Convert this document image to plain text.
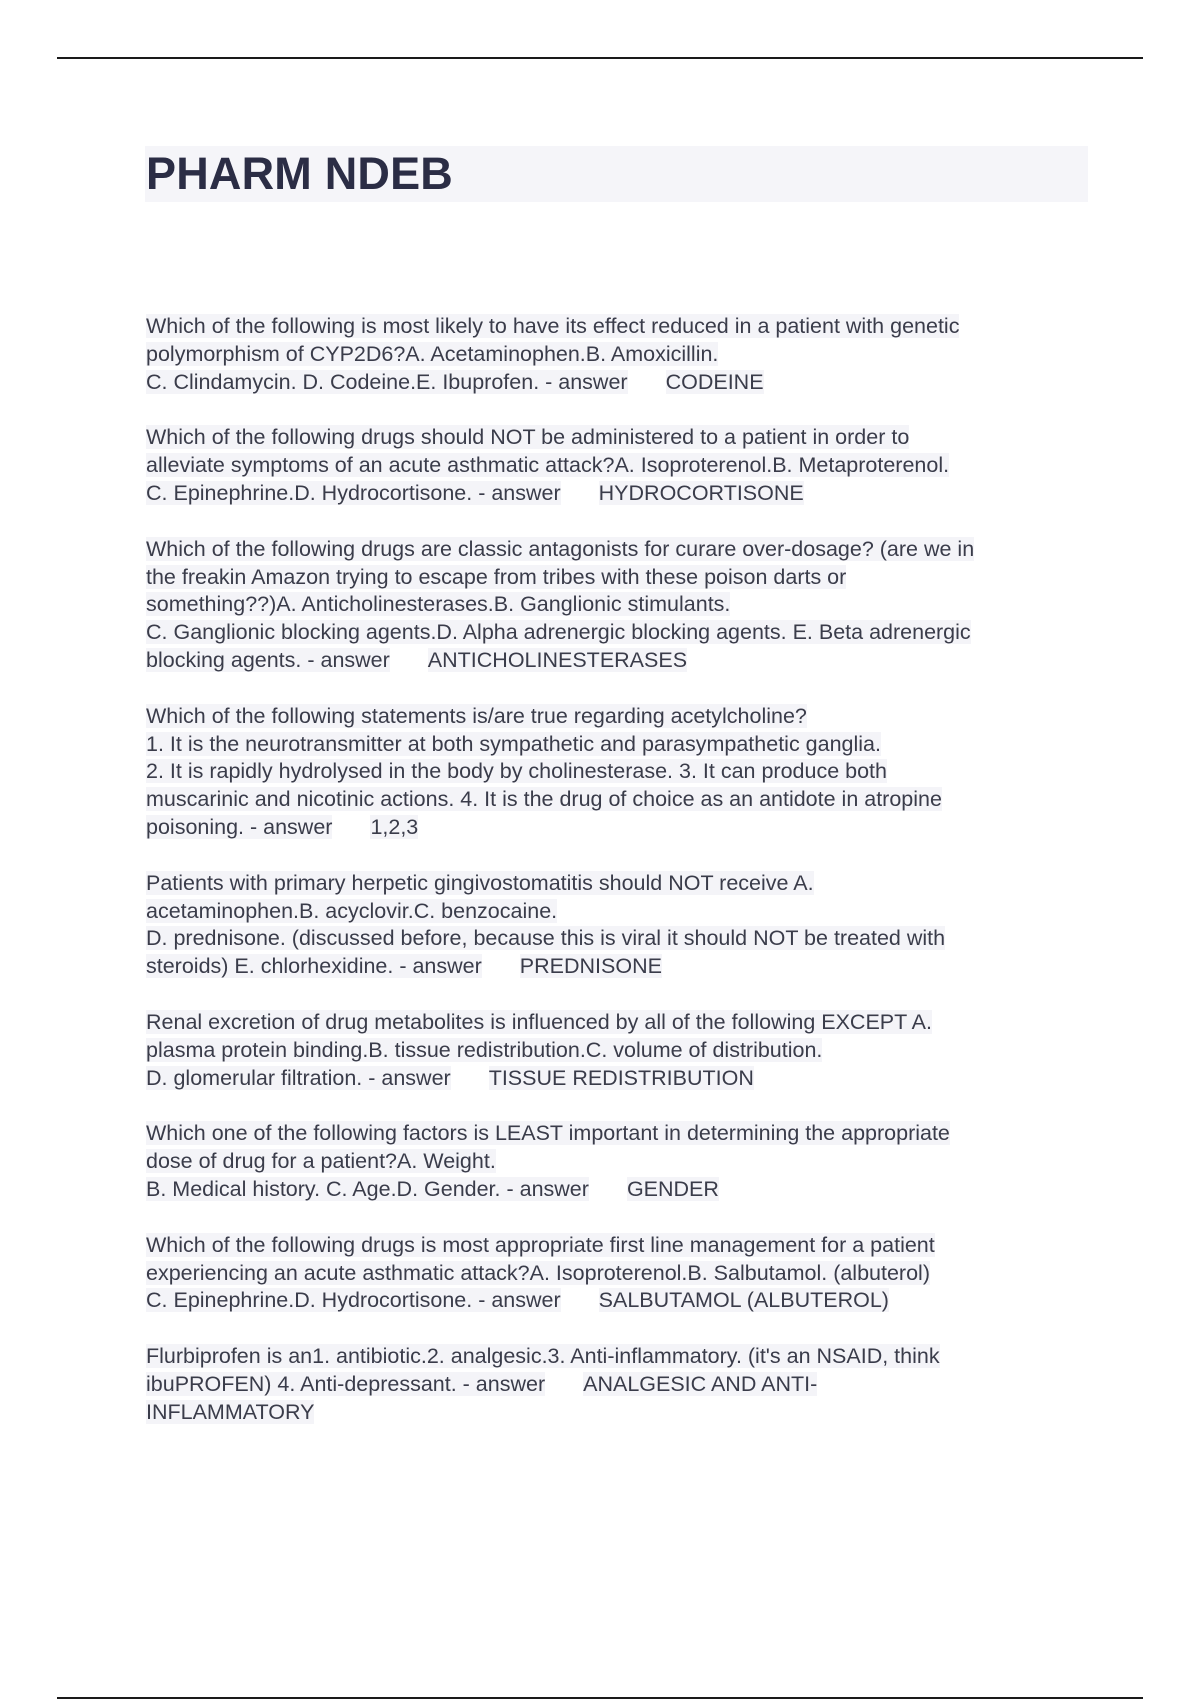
PHARM NDEB
Which of the following is most likely to have its effect reduced in a patient with genetic
polymorphism of CYP2D6?A. Acetaminophen.B. Amoxicillin.
C. Clindamycin. D. Codeine.E. Ibuprofen. - answer CODEINE
Which of the following drugs should NOT be administered to a patient in order to
alleviate symptoms of an acute asthmatic attack?A. Isoproterenol.B. Metaproterenol.
C. Epinephrine.D. Hydrocortisone. - answer HYDROCORTISONE
Which of the following drugs are classic antagonists for curare over-dosage? (are we in
the freakin Amazon trying to escape from tribes with these poison darts or
something??)A. Anticholinesterases.B. Ganglionic stimulants.
C. Ganglionic blocking agents.D. Alpha adrenergic blocking agents. E. Beta adrenergic
blocking agents. - answer ANTICHOLINESTERASES
Which of the following statements is/are true regarding acetylcholine?
1. It is the neurotransmitter at both sympathetic and parasympathetic ganglia.
2. It is rapidly hydrolysed in the body by cholinesterase. 3. It can produce both
muscarinic and nicotinic actions. 4. It is the drug of choice as an antidote in atropine
poisoning. - answer 1,2,3
Patients with primary herpetic gingivostomatitis should NOT receive A.
acetaminophen.B. acyclovir.C. benzocaine.
D. prednisone. (discussed before, because this is viral it should NOT be treated with
steroids) E. chlorhexidine. - answer PREDNISONE
Renal excretion of drug metabolites is influenced by all of the following EXCEPT A.
plasma protein binding.B. tissue redistribution.C. volume of distribution.
D. glomerular filtration. - answer TISSUE REDISTRIBUTION
Which one of the following factors is LEAST important in determining the appropriate
dose of drug for a patient?A. Weight.
B. Medical history. C. Age.D. Gender. - answer GENDER
Which of the following drugs is most appropriate first line management for a patient
experiencing an acute asthmatic attack?A. Isoproterenol.B. Salbutamol. (albuterol)
C. Epinephrine.D. Hydrocortisone. - answer SALBUTAMOL (ALBUTEROL)
Flurbiprofen is an1. antibiotic.2. analgesic.3. Anti-inflammatory. (it's an NSAID, think
ibuPROFEN) 4. Anti-depressant. - answer ANALGESIC AND ANTI-
INFLAMMATORY
